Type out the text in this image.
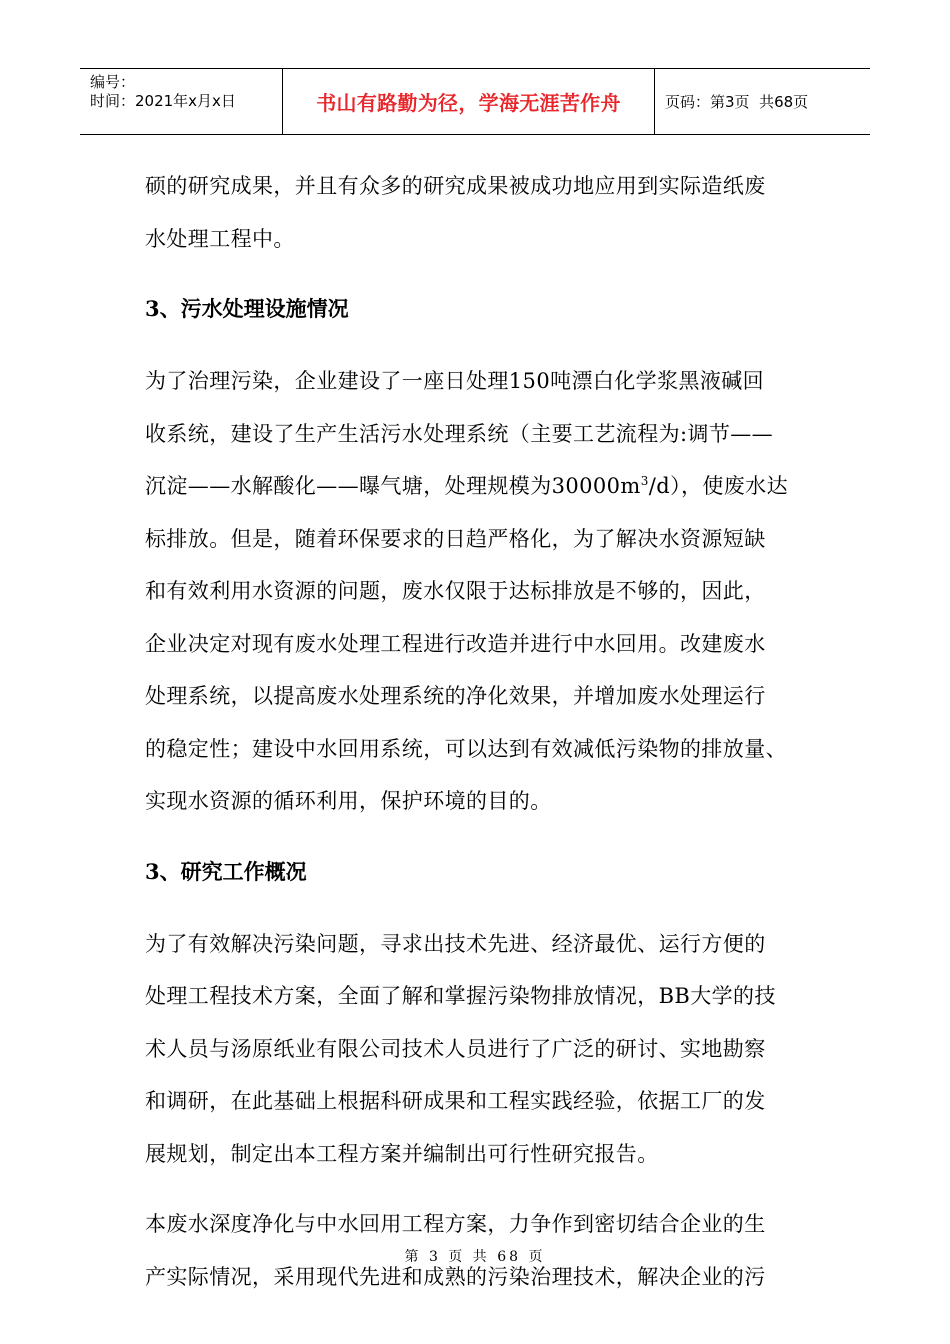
编号：
时间：2021年x月x日	书山有路勤为径，学海无涯苦作舟	页码：第3页  共68页
硕的研究成果，并且有众多的研究成果被成功地应用到实际造纸废
水处理工程中。
3、污水处理设施情况
为了治理污染，企业建设了一座日处理150吨漂白化学浆黑液碱回
收系统，建设了生产生活污水处理系统（主要工艺流程为:调节——
沉淀——水解酸化——曝气塘，处理规模为$30000m^3/d$），使废水达
标排放。但是，随着环保要求的日趋严格化，为了解决水资源短缺
和有效利用水资源的问题，废水仅限于达标排放是不够的，因此，
企业决定对现有废水处理工程进行改造并进行中水回用。改建废水
处理系统，以提高废水处理系统的净化效果，并增加废水处理运行
的稳定性；建设中水回用系统，可以达到有效减低污染物的排放量、
实现水资源的循环利用，保护环境的目的。
3、研究工作概况
为了有效解决污染问题，寻求出技术先进、经济最优、运行方便的
处理工程技术方案，全面了解和掌握污染物排放情况，BB大学的技
术人员与汤原纸业有限公司技术人员进行了广泛的研讨、实地勘察
和调研，在此基础上根据科研成果和工程实践经验，依据工厂的发
展规划，制定出本工程方案并编制出可行性研究报告。
本废水深度净化与中水回用工程方案，力争作到密切结合企业的生
产实际情况，采用现代先进和成熟的污染治理技术，解决企业的污
第 3 页 共 68 页
